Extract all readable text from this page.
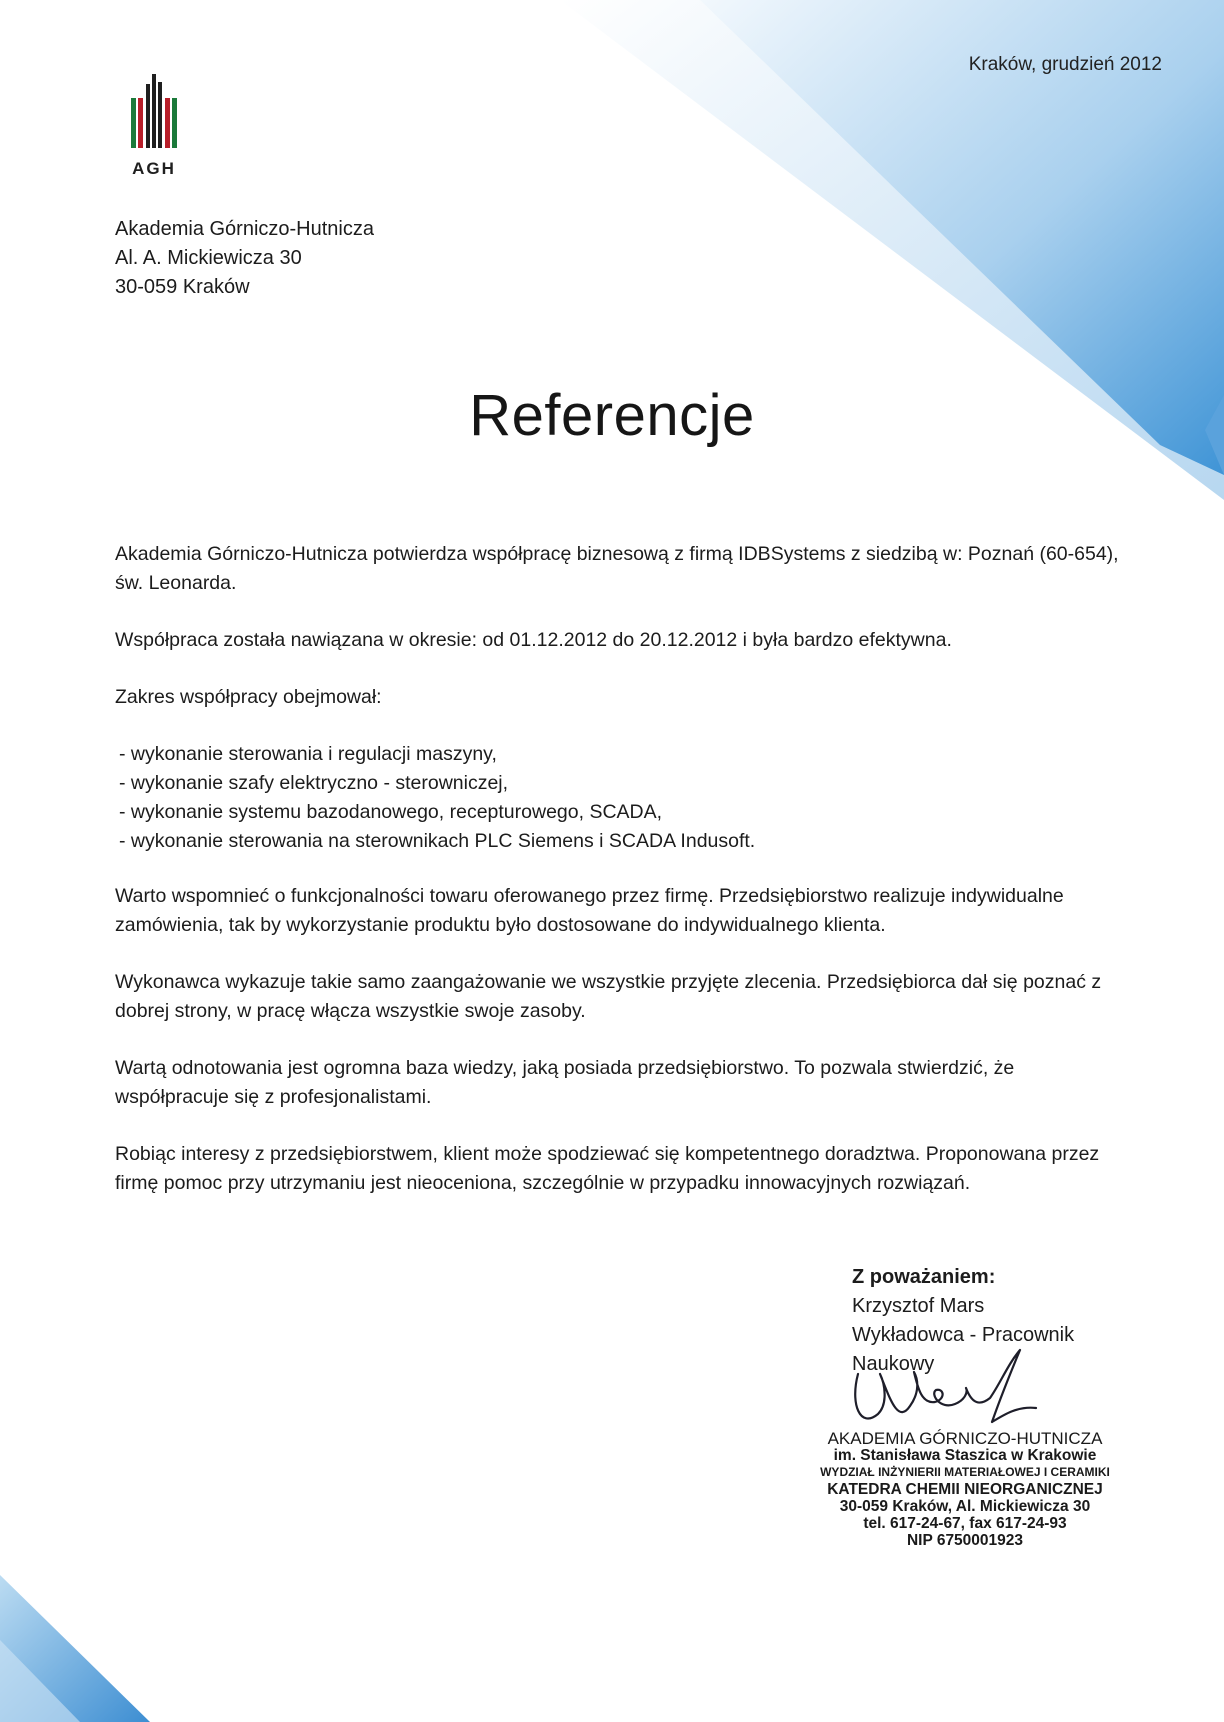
AGH
Kraków, grudzień 2012
Akademia Górniczo-Hutnicza
Al. A. Mickiewicza 30
30-059 Kraków
Referencje

Akademia Górniczo-Hutnicza potwierdza współpracę biznesową z firmą IDBSystems z siedzibą w: Poznań (60-654), św. Leonarda.

Współpraca została nawiązana w okresie: od 01.12.2012 do 20.12.2012 i była bardzo efektywna.

Zakres współpracy obejmował:

- wykonanie sterowania i regulacji maszyny,
- wykonanie szafy elektryczno - sterowniczej,
- wykonanie systemu bazodanowego, recepturowego, SCADA,
- wykonanie sterowania na sterownikach PLC Siemens i SCADA Indusoft.

Warto wspomnieć o funkcjonalności towaru oferowanego przez firmę. Przedsiębiorstwo realizuje indywidualne zamówienia, tak by wykorzystanie produktu było dostosowane do indywidualnego klienta.

Wykonawca wykazuje takie samo zaangażowanie we wszystkie przyjęte zlecenia. Przedsiębiorca dał się poznać z dobrej strony, w pracę włącza wszystkie swoje zasoby.

Wartą odnotowania jest ogromna baza wiedzy, jaką posiada przedsiębiorstwo. To pozwala stwierdzić, że współpracuje się z profesjonalistami.

Robiąc interesy z przedsiębiorstwem, klient może spodziewać się kompetentnego doradztwa. Proponowana przez firmę pomoc przy utrzymaniu jest nieoceniona, szczególnie w przypadku innowacyjnych rozwiązań.

Z poważaniem:
Krzysztof Mars
Wykładowca - Pracownik Naukowy
AKADEMIA GÓRNICZO-HUTNICZA
im. Stanisława Staszica w Krakowie
WYDZIAŁ INŻYNIERII MATERIAŁOWEJ I CERAMIKI
KATEDRA CHEMII NIEORGANICZNEJ
30-059 Kraków, Al. Mickiewicza 30
tel. 617-24-67, fax 617-24-93
NIP 6750001923
